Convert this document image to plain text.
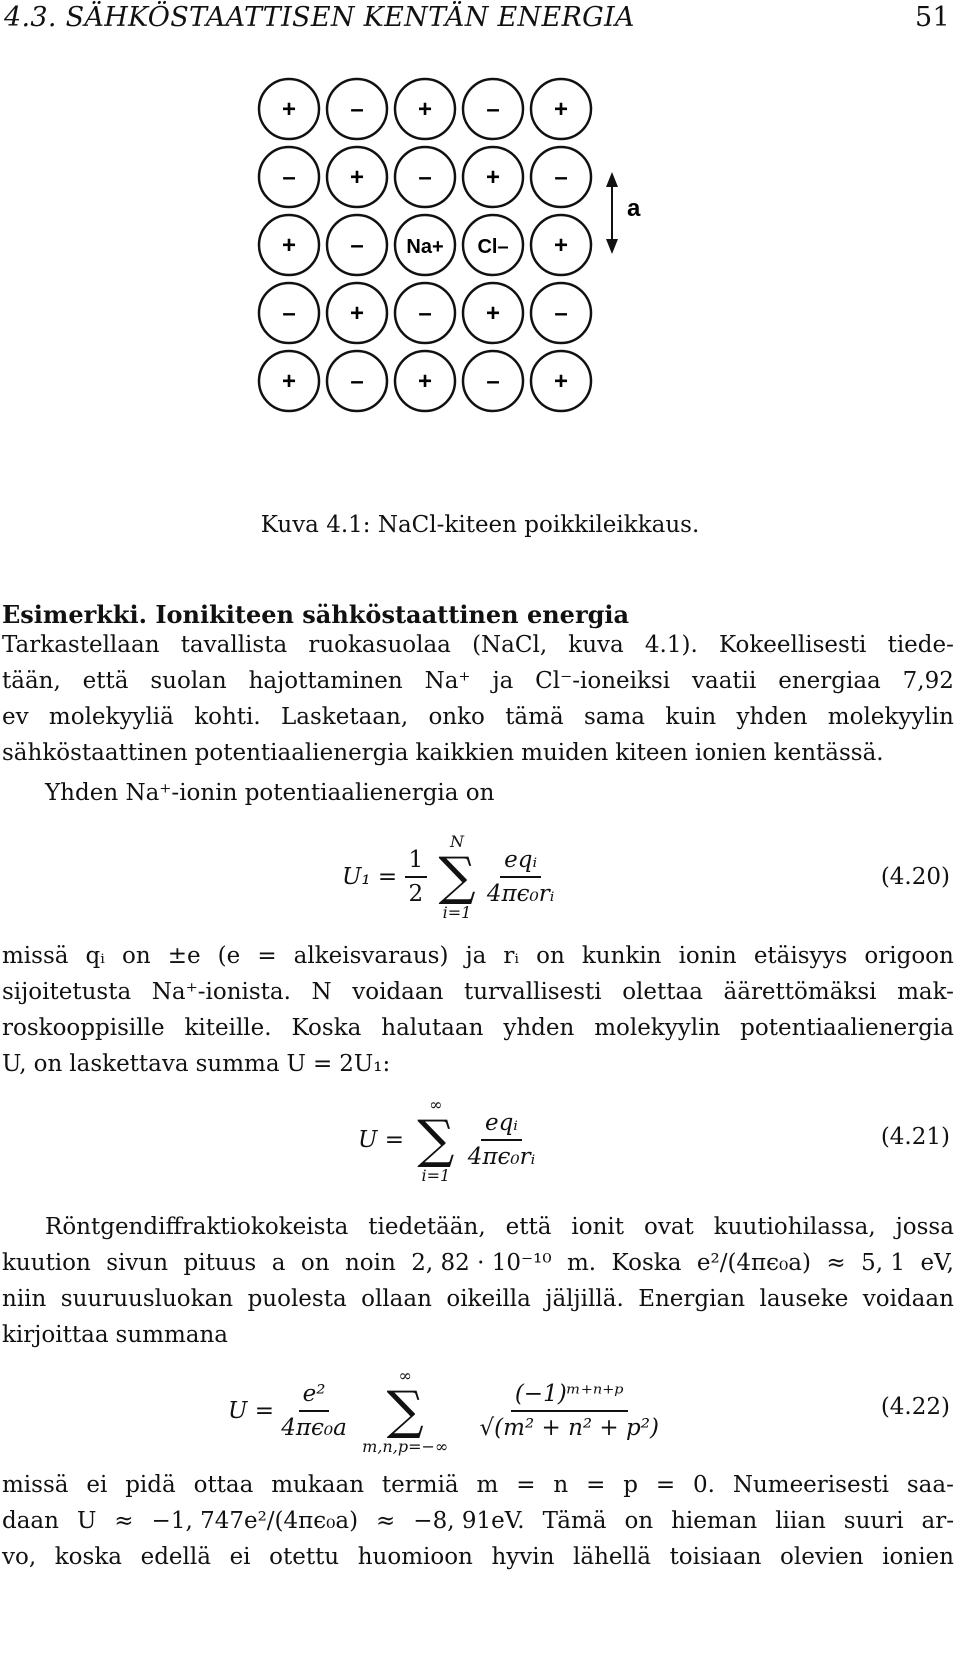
4.3. SÄHKÖSTAATTISEN KENTÄN ENERGIA	51
+ – + – +
– + – + –
+ – Na+ Cl– +
– + – + –
+ – + – +
a
Kuva 4.1: NaCl-kiteen poikkileikkaus.
Esimerkki. Ionikiteen sähköstaattinen energia
Tarkastellaan tavallista ruokasuolaa (NaCl, kuva 4.1). Kokeellisesti tiede-
tään, että suolan hajottaminen Na⁺ ja Cl⁻-ioneiksi vaatii energiaa 7,92
ev molekyyliä kohti. Lasketaan, onko tämä sama kuin yhden molekyylin
sähköstaattinen potentiaalienergia kaikkien muiden kiteen ionien kentässä.
Yhden Na⁺-ionin potentiaalienergia on
$U_1 = \frac{1}{2}$

N
∑
i=1

$\frac{\text{eqᵢ}}{\text{4πϵ₀rᵢ}}$	(4.20)
missä qᵢ on ±e (e = alkeisvaraus) ja rᵢ on kunkin ionin etäisyys origoon
sijoitetusta Na⁺-ionista. N voidaan turvallisesti olettaa äärettömäksi mak-
roskooppisille kiteille. Koska halutaan yhden molekyylin potentiaalienergia
U, on laskettava summa U = 2U₁:
U =
∞
∑
i=1

$\frac{\text{eqᵢ}}{\text{4πϵ₀rᵢ}}$	(4.21)
Röntgendiffraktiokokeista tiedetään, että ionit ovat kuutiohilassa, jossa
kuution sivun pituus a on noin 2, 82 · 10⁻¹⁰ m. Koska e²/(4πϵ₀a) ≈ 5, 1 eV,
niin suuruusluokan puolesta ollaan oikeilla jäljillä. Energian lauseke voidaan
kirjoittaa summana
$U = \frac{\text{e²}}{\text{4πϵ₀a}}$

∞
∑
m,n,p=−∞

$\frac{\text{(−1)ᵐ⁺ⁿ⁺ᵖ}}{\text{√(m² + n² + p²)}}$	(4.22)
missä ei pidä ottaa mukaan termiä m = n = p = 0. Numeerisesti saa-
daan U ≈ −1, 747e²/(4πϵ₀a) ≈ −8, 91eV. Tämä on hieman liian suuri ar-
vo, koska edellä ei otettu huomioon hyvin lähellä toisiaan olevien ionien
